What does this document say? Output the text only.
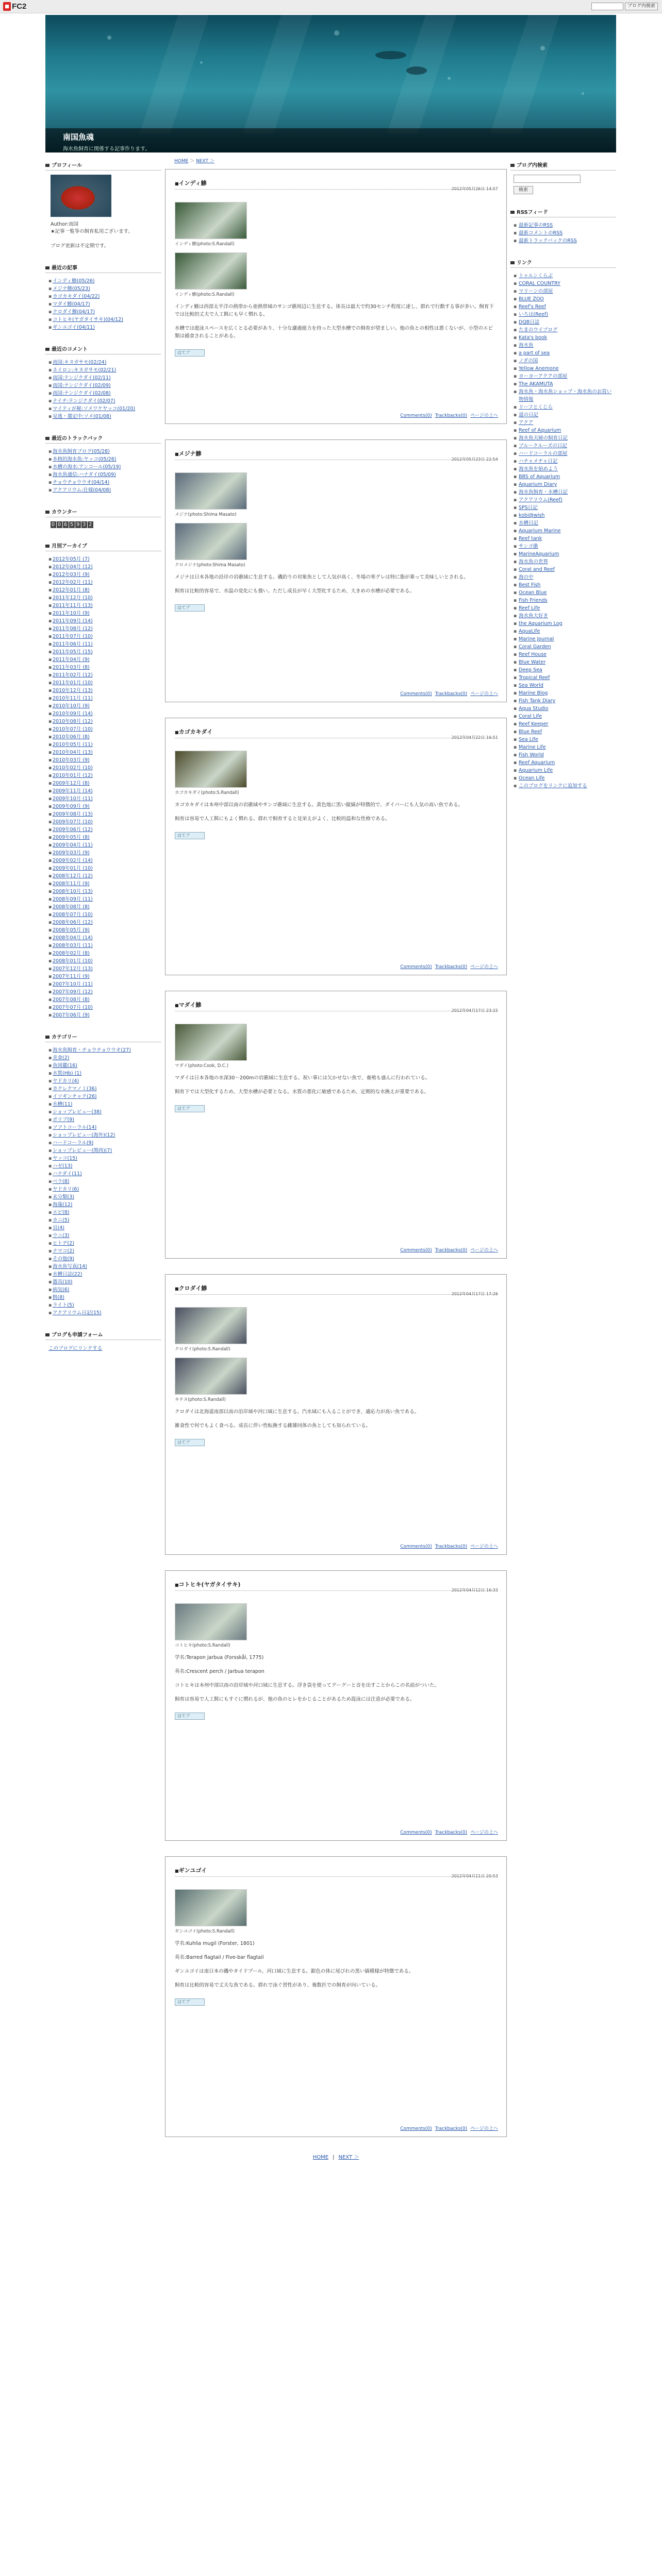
■ FC2	ブログ内検索
南国魚魂
海水魚飼育に関係する記事作ります。
プロフィール
Author:南国
★記事一覧等の飼育私用ございます。
ブログ更新は不定期です。
最近の記事
▪ インディ鰺(05/26)
▪ メジナ鰺(05/23)
▪ カゴカキダイ(04/22)
▪ マダイ鰺(04/17)
▪ クロダイ鰺(04/17)
▪ コトヒキ(ヤガタイサキ)(04/12)
▪ ギンユゴイ(04/11)
最近のコメント
▪ 南国:キヌガサモ(02/24)
▪ ネイロン:キヌガサモ(02/21)
▪ 南国:テンジクダイ(02/11)
▪ 南国:テンジクダイ(02/09)
▪ 南国:テンジクダイ(02/08)
▪ ナイチ:テンジクダイ(02/07)
▪ マイティが秘:ソメワケヤッコ(01/20)
▪ 見逃・選定中:ソメ(01/08)
最近のトラックバック
▪ 海水魚飼育ブログ(05/28)
▪ 本格的海水魚:ヤッコ(05/26)
▪ 水槽の海水:アンコール(05/19)
▪ 海水魚通信:ハナダイ(05/09)
▪ チョウチョウウオ(04/14)
▪ アクアリウム:仕様(04/08)
カウンター
0 0 6 5 9 3 2
月別アーカイブ
▪ 2012年05月 (7)
▪ 2012年04月 (12)
▪ 2012年03月 (9)
▪ 2012年02月 (11)
▪ 2012年01月 (8)
▪ 2011年12月 (10)
▪ 2011年11月 (13)
▪ 2011年10月 (9)
▪ 2011年09月 (14)
▪ 2011年08月 (12)
▪ 2011年07月 (10)
▪ 2011年06月 (11)
▪ 2011年05月 (15)
▪ 2011年04月 (9)
▪ 2011年03月 (8)
▪ 2011年02月 (12)
▪ 2011年01月 (10)
▪ 2010年12月 (13)
▪ 2010年11月 (11)
▪ 2010年10月 (9)
▪ 2010年09月 (14)
▪ 2010年08月 (12)
▪ 2010年07月 (10)
▪ 2010年06月 (8)
▪ 2010年05月 (11)
▪ 2010年04月 (13)
▪ 2010年03月 (9)
▪ 2010年02月 (10)
▪ 2010年01月 (12)
▪ 2009年12月 (8)
▪ 2009年11月 (14)
▪ 2009年10月 (11)
▪ 2009年09月 (9)
▪ 2009年08月 (13)
▪ 2009年07月 (10)
▪ 2009年06月 (12)
▪ 2009年05月 (8)
▪ 2009年04月 (11)
▪ 2009年03月 (9)
▪ 2009年02月 (14)
▪ 2009年01月 (10)
▪ 2008年12月 (12)
▪ 2008年11月 (9)
▪ 2008年10月 (13)
▪ 2008年09月 (11)
▪ 2008年08月 (8)
▪ 2008年07月 (10)
▪ 2008年06月 (12)
▪ 2008年05月 (9)
▪ 2008年04月 (14)
▪ 2008年03月 (11)
▪ 2008年02月 (8)
▪ 2008年01月 (10)
▪ 2007年12月 (13)
▪ 2007年11月 (9)
▪ 2007年10月 (11)
▪ 2007年09月 (12)
▪ 2007年08月 (8)
▪ 2007年07月 (10)
▪ 2007年06月 (9)
カテゴリー
▪ 海水魚飼育・チョウチョウウオ(27)
▪ 美食(2)
▪ 魚図鑑(16)
▪ 水質(Hb) (1)
▪ ヤドカリ(4)
▪ カクレクマノミ(36)
▪ イソギンチャク(26)
▪ 水槽(11)
▪ ショップレビュー(38)
▪ ポリプ(9)
▪ ソフトコーラル(14)
▪ ショップレビュー(海外)(12)
▪ ハードコーラル(9)
▪ ショップレビュー(関西)(7)
▪ ヤッコ(15)
▪ ハゼ(13)
▪ ハナダイ(11)
▪ ベラ(8)
▪ ヤドカリ(6)
▪ 未分類(3)
▪ 海藻(12)
▪ エビ(8)
▪ カニ(5)
▪ 貝(4)
▪ ウニ(3)
▪ ヒトデ(2)
▪ ナマコ(2)
▪ その他(9)
▪ 海水魚写真(14)
▪ 水槽日誌(22)
▪ 器具(10)
▪ 病気(6)
▪ 餌(8)
▪ ライト(5)
▪ アクアリウム日記(15)
ブログも申請フォーム
このブログにリンクする
HOME ＞ NEXT ＞
■ インディ鰺
2012年05月26日 14:57
インディ鰺(photo:S.Randall)
インディ鰺(photo:S.Randall)

インディ鰺は西部太平洋の熱帯から亜熱帯域のサンゴ礁周辺に生息する。体長は最大で約30センチ程度に達し、群れで行動する事が多い。飼育下では比較的丈夫で人工餌にも早く慣れる。

水槽では遊泳スペースを広くとる必要があり、十分な濾過能力を持った大型水槽での飼育が望ましい。他の魚との相性は悪くないが、小型のエビ類は捕食されることがある。

はてブ
Comments(0) Trackbacks(0) ページの上へ
■ メジナ鰺
2012年05月23日 22:54
メジナ(photo:Shima Masato)
クロメジナ(photo:Shima Masato)

メジナは日本各地の沿岸の岩礁域に生息する。磯釣りの対象魚として人気が高く、冬場の寒グレは特に脂が乗って美味しいとされる。

飼育は比較的容易で、水温の変化にも強い。ただし成長が早く大型化するため、大きめの水槽が必要である。

はてブ
Comments(0) Trackbacks(0) ページの上へ
■ カゴカキダイ
2012年04月22日 16:51
カゴカキダイ(photo:S.Randall)

カゴカキダイは本州中部以南の岩礁域やサンゴ礁域に生息する。黄色地に黒い縦縞が特徴的で、ダイバーにも人気の高い魚である。

飼育は容易で人工餌にもよく慣れる。群れで飼育すると見栄えがよく、比較的温和な性格である。

はてブ
Comments(0) Trackbacks(0) ページの上へ
■ マダイ鰺
2012年04月17日 23:15
マダイ(photo:Cook, D.C.)

マダイは日本各地の水深30〜200mの岩礁域に生息する。祝い事には欠かせない魚で、養殖も盛んに行われている。

飼育下では大型化するため、大型水槽が必要となる。水質の悪化に敏感であるため、定期的な水換えが重要である。

はてブ
Comments(0) Trackbacks(0) ページの上へ
■ クロダイ鰺
2012年04月17日 17:26
クロダイ(photo:S.Randall)
キチヌ(photo:S.Randall)

クロダイは北海道南部以南の沿岸域や河口域に生息する。汽水域にも入ることができ、適応力が高い魚である。

雑食性で何でもよく食べる。成長に伴い性転換する雌雄同体の魚としても知られている。

はてブ
Comments(0) Trackbacks(0) ページの上へ
■ コトヒキ(ヤガタイサキ)
2012年04月12日 16:33
コトヒキ(photo:S.Randall)

学名:Terapon jarbua (Forsskål, 1775)

英名:Crescent perch / Jarbua terapon

コトヒキは本州中部以南の沿岸域や河口域に生息する。浮き袋を使ってグーグーと音を出すことからこの名前がついた。

飼育は容易で人工餌にもすぐに慣れるが、他の魚のヒレをかじることがあるため混泳には注意が必要である。

はてブ
Comments(0) Trackbacks(0) ページの上へ
■ ギンユゴイ
2012年04月11日 20:53
ギンユゴイ(photo:S.Randall)

学名:Kuhlia mugil (Forster, 1801)

英名:Barred flagtail / Five-bar flagtail

ギンユゴイは南日本の磯やタイドプール、河口域に生息する。銀色の体に尾びれの黒い縞模様が特徴である。

飼育は比較的容易で丈夫な魚である。群れで泳ぐ習性があり、複数匹での飼育が向いている。

はてブ
Comments(0) Trackbacks(0) ページの上へ
HOME | NEXT ＞
ブログ内検索
検索
RSSフィード
▪ 最新記事のRSS
▪ 最新コメントのRSS
▪ 最新トラックバックのRSS
リンク
▪ トゥルンくらぶ
▪ CORAL COUNTRY
▪ マリーンの部屋
▪ BLUE ZOO
▪ Reef's Reef
▪ いろは(Reef)
▪ DQB日誌
▪ たまのウイブログ
▪ Kata's book
▪ 海水魚
▪ a part of sea
▪ ノダの国
▪ Yellow Anemone
▪ ヨーヨーアクアの部屋
▪ The AKAMUTA
▪ 海水魚・海水魚ショップ・海水魚のお買い物情報
▪ リーフとくじら
▪ 道の日記
▪ アクア
▪ Reef of Aquarium
▪ 海水魚夫婦の飼育日記
▪ ブルークルーズの日記
▪ ハードコーラルの部屋
▪ ハチャメチャ日記
▪ 海水魚を始めよう
▪ BBS of Aquarium
▪ Aquarium Diary
▪ 海水魚飼育・水槽日記
▪ アクアリウム(Reef)
▪ SPS日記
▪ kobi@wish
▪ 水槽日記
▪ Aquarium Marine
▪ Reef tank
▪ サンゴ礁
▪ MarineAquarium
▪ 海水魚の世界
▪ Coral and Reef
▪ 海の中
▪ Best Fish
▪ Ocean Blue
▪ Fish Friends
▪ Reef Life
▪ 海水魚大好き
▪ the Aquarium Log
▪ AquaLife
▪ Marine Journal
▪ Coral Garden
▪ Reef House
▪ Blue Water
▪ Deep Sea
▪ Tropical Reef
▪ Sea World
▪ Marine Blog
▪ Fish Tank Diary
▪ Aqua Studio
▪ Coral Life
▪ Reef Keeper
▪ Blue Reef
▪ Sea Life
▪ Marine Life
▪ Fish World
▪ Reef Aquarium
▪ Aquarium Life
▪ Ocean Life
▪ このブログをリンクに追加する
